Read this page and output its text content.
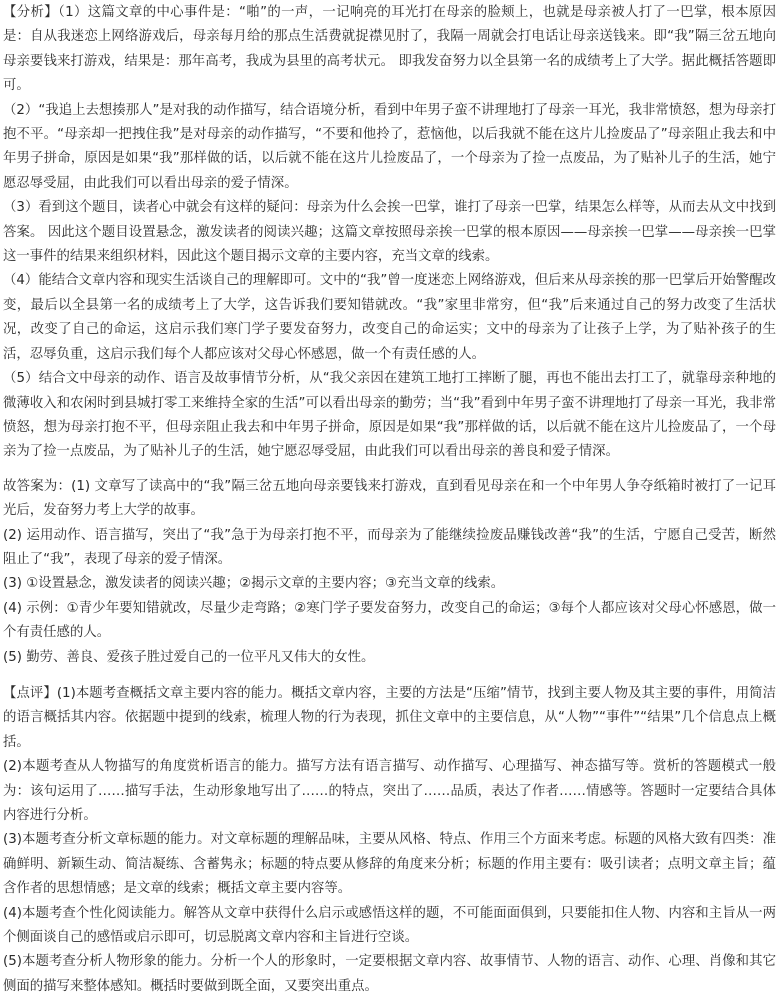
【分析】（1）这篇文章的中心事件是：“啪”的一声，一记响亮的耳光打在母亲的脸颊上，也就是母亲被人打了一巴掌，根本原因是：自从我迷恋上网络游戏后，母亲每月给的那点生活费就捉襟见肘了，我隔一周就会打电话让母亲送钱来。即“我”隔三岔五地向母亲要钱来打游戏，结果是：那年高考，我成为县里的高考状元。 即我发奋努力以全县第一名的成绩考上了大学。据此概括答题即可。

（2）“我追上去想揍那人”是对我的动作描写，结合语境分析，看到中年男子蛮不讲理地打了母亲一耳光，我非常愤怒，想为母亲打抱不平。“母亲却一把拽住我”是对母亲的动作描写，“不要和他拎了，惹恼他，以后我就不能在这片儿捡废品了”母亲阻止我去和中年男子拼命，原因是如果“我”那样做的话，以后就不能在这片儿捡废品了，一个母亲为了捡一点废品，为了贴补儿子的生活，她宁愿忍辱受屈，由此我们可以看出母亲的爱子情深。

（3）看到这个题目，读者心中就会有这样的疑问：母亲为什么会挨一巴掌，谁打了母亲一巴掌，结果怎么样等，从而去从文中找到答案。 因此这个题目设置悬念，激发读者的阅读兴趣；这篇文章按照母亲挨一巴掌的根本原因——母亲挨一巴掌——母亲挨一巴掌这一事件的结果来组织材料，因此这个题目揭示文章的主要内容，充当文章的线索。

（4）能结合文章内容和现实生活谈自己的理解即可。文中的“我”曾一度迷恋上网络游戏，但后来从母亲挨的那一巴掌后开始警醒改变，最后以全县第一名的成绩考上了大学，这告诉我们要知错就改。“我”家里非常穷，但“我”后来通过自己的努力改变了生活状况，改变了自己的命运，这启示我们寒门学子要发奋努力，改变自己的命运实；文中的母亲为了让孩子上学，为了贴补孩子的生活，忍辱负重，这启示我们每个人都应该对父母心怀感恩，做一个有责任感的人。

（5）结合文中母亲的动作、语言及故事情节分析，从“我父亲因在建筑工地打工摔断了腿，再也不能出去打工了，就靠母亲种地的微薄收入和农闲时到县城打零工来维持全家的生活”可以看出母亲的勤劳；当“我”看到中年男子蛮不讲理地打了母亲一耳光，我非常愤怒，想为母亲打抱不平，但母亲阻止我去和中年男子拼命，原因是如果“我”那样做的话，以后就不能在这片儿捡废品了，一个母亲为了捡一点废品，为了贴补儿子的生活，她宁愿忍辱受屈，由此我们可以看出母亲的善良和爱子情深。

故答案为：(1) 文章写了读高中的“我”隔三岔五地向母亲要钱来打游戏，直到看见母亲在和一个中年男人争夺纸箱时被打了一记耳光后，发奋努力考上大学的故事。

(2) 运用动作、语言描写，突出了“我”急于为母亲打抱不平，而母亲为了能继续捡废品赚钱改善“我”的生活，宁愿自己受苦，断然阻止了“我”，表现了母亲的爱子情深。

(3) ①设置悬念，激发读者的阅读兴趣；②揭示文章的主要内容；③充当文章的线索。

(4) 示例：①青少年要知错就改，尽量少走弯路；②寒门学子要发奋努力，改变自己的命运；③每个人都应该对父母心怀感恩，做一个有责任感的人。

(5) 勤劳、善良、爱孩子胜过爱自己的一位平凡又伟大的女性。

【点评】(1)本题考查概括文章主要内容的能力。概括文章内容，主要的方法是“压缩”情节，找到主要人物及其主要的事件，用简洁的语言概括其内容。依据题中提到的线索，梳理人物的行为表现，抓住文章中的主要信息，从“人物”“事件”“结果”几个信息点上概括。

(2)本题考查从人物描写的角度赏析语言的能力。描写方法有语言描写、动作描写、心理描写、神态描写等。赏析的答题模式一般为：该句运用了……描写手法，生动形象地写出了……的特点，突出了……品质，表达了作者……情感等。答题时一定要结合具体内容进行分析。

(3)本题考查分析文章标题的能力。对文章标题的理解品味，主要从风格、特点、作用三个方面来考虑。标题的风格大致有四类：准确鲜明、新颖生动、简洁凝练、含蓄隽永；标题的特点要从修辞的角度来分析；标题的作用主要有：吸引读者；点明文章主旨；蕴含作者的思想情感；是文章的线索；概括文章主要内容等。

(4)本题考查个性化阅读能力。解答从文章中获得什么启示或感悟这样的题，不可能面面俱到，只要能扣住人物、内容和主旨从一两个侧面谈自己的感悟或启示即可，切忌脱离文章内容和主旨进行空谈。

(5)本题考查分析人物形象的能力。分析一个人的形象时，一定要根据文章内容、故事情节、人物的语言、动作、心理、肖像和其它侧面的描写来整体感知。概括时要做到既全面，又要突出重点。
